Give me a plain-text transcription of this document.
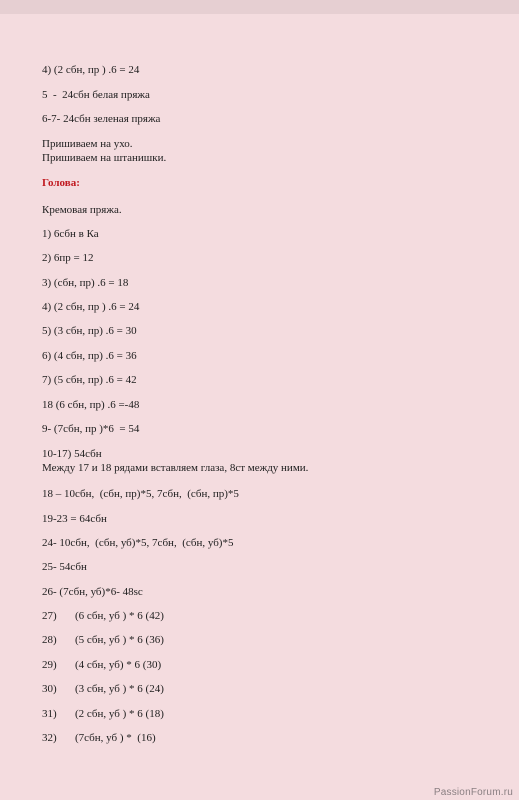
4) (2 сбн, пр ) .6 = 24
5  -  24сбн белая пряжа
6-7- 24сбн зеленая пряжа
Пришиваем на ухо.
Пришиваем на штанишки.
Голова:
Кремовая пряжа.
1) 6сбн в Ка
2) 6пр = 12
3) (сбн, пр) .6 = 18
4) (2 сбн, пр ) .6 = 24
5) (3 сбн, пр) .6 = 30
6) (4 сбн, пр) .6 = 36
7) (5 сбн, пр) .6 = 42
18 (6 сбн, пр) .6 =-48
9- (7сбн, пр )*6  = 54
10-17) 54сбн
Между 17 и 18 рядами вставляем глаза, 8ст между ними.
18 – 10сбн,  (сбн, пр)*5, 7сбн,  (сбн, пр)*5
19-23 = 64сбн
24- 10сбн,  (сбн, уб)*5, 7сбн,  (сбн, уб)*5
25- 54сбн
26- (7сбн, уб)*6- 48sc
27) (6 сбн, уб ) * 6 (42)
28) (5 сбн, уб ) * 6 (36)
29) (4 сбн, уб) * 6 (30)
30) (3 сбн, уб ) * 6 (24)
31) (2 сбн, уб ) * 6 (18)
32) (7сбн, уб ) *  (16)
PassionForum.ru
